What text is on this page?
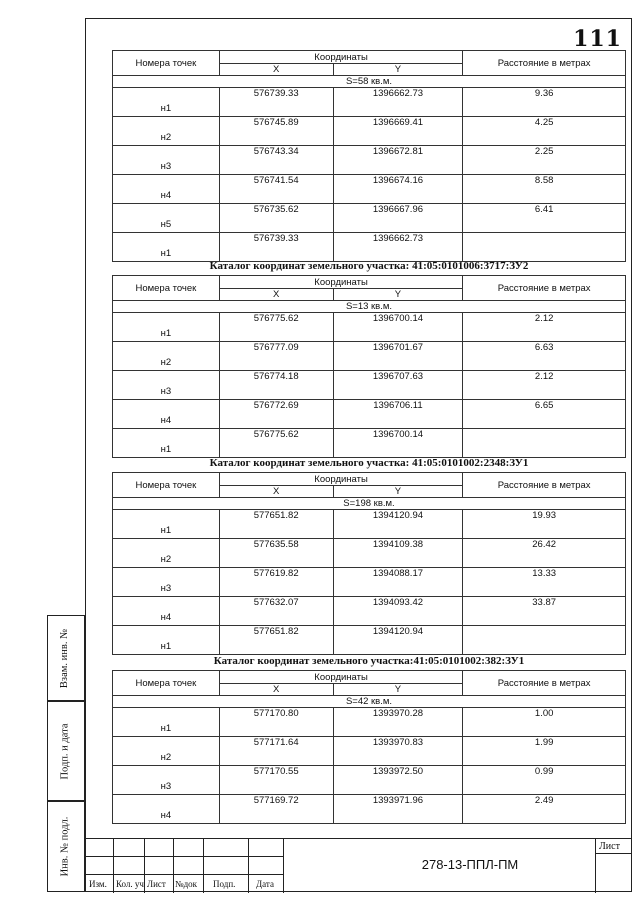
111
Номера точек	Координаты		Расстояние в метрах
	X	Y	
S=58 кв.м.			
н1	576739.33	1396662.73	9.36
н2	576745.89	1396669.41	4.25
н3	576743.34	1396672.81	2.25
н4	576741.54	1396674.16	8.58
н5	576735.62	1396667.96	6.41
н1	576739.33	1396662.73	
Каталог координат земельного участка: 41:05:0101006:3717:ЗУ2
Номера точек	Координаты		Расстояние в метрах
	X	Y	
S=13 кв.м.			
н1	576775.62	1396700.14	2.12
н2	576777.09	1396701.67	6.63
н3	576774.18	1396707.63	2.12
н4	576772.69	1396706.11	6.65
н1	576775.62	1396700.14	
Каталог координат земельного участка: 41:05:0101002:2348:ЗУ1
Номера точек	Координаты		Расстояние в метрах
	X	Y	
S=198 кв.м.			
н1	577651.82	1394120.94	19.93
н2	577635.58	1394109.38	26.42
н3	577619.82	1394088.17	13.33
н4	577632.07	1394093.42	33.87
н1	577651.82	1394120.94	
Каталог координат земельного участка:41:05:0101002:382:ЗУ1
Номера точек	Координаты		Расстояние в метрах
	X	Y	
S=42 кв.м.			
н1	577170.80	1393970.28	1.00
н2	577171.64	1393970.83	1.99
н3	577170.55	1393972.50	0.99
н4	577169.72	1393971.96	2.49
Взам. инв. №
Подп. и дата
Инв. № подл.
Изм. Кол. уч Лист №док Подп. Дата
278-13-ППЛ-ПМ
Лист
